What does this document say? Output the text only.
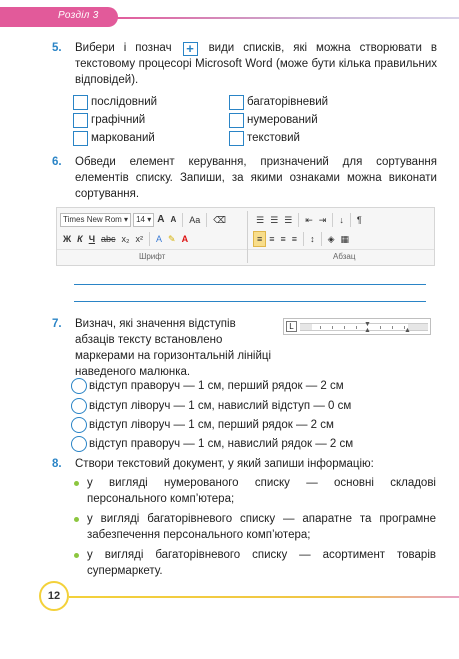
Розділ 3
5. Вибери і познач + види списків, які можна створювати в текстовому процесорі Microsoft Word (може бути кілька правильних відповідей).
послідовний
графічний
маркований
багаторівневий
нумерований
текстовий
6. Обведи елемент керування, призначений для сортування елементів списку. Запиши, за якими ознаками можна виконати сортування.
Times New Rom ▾	14 ▾ A A	Aa	⌫	☰ ☰ ☰	⇤ ⇥	↓	¶
Ж К Ч abc x₂ x²	A ✎ A	≡ ≡ ≡ ≡	↕	◈ ▦
Шрифт	Абзац
7. Визнач, які значення відступів абзаців тексту встановлено маркерами на горизонтальній лінійці наведеного малюнка.
L	▼
▲	▲
відступ праворуч — 1 см, перший рядок — 2 см
відступ ліворуч — 1 см, навислий відступ — 0 см
відступ ліворуч — 1 см, перший рядок — 2 см
відступ праворуч — 1 см, навислий рядок — 2 см
8. Створи текстовий документ, у який запиши інформацію:
у вигляді нумерованого списку — основні складові персонального комп’ютера;
у вигляді багаторівневого списку — апаратне та програмне забезпечення персонального комп’ютера;
у вигляді багаторівневого списку — асортимент товарів супермаркету.
12
